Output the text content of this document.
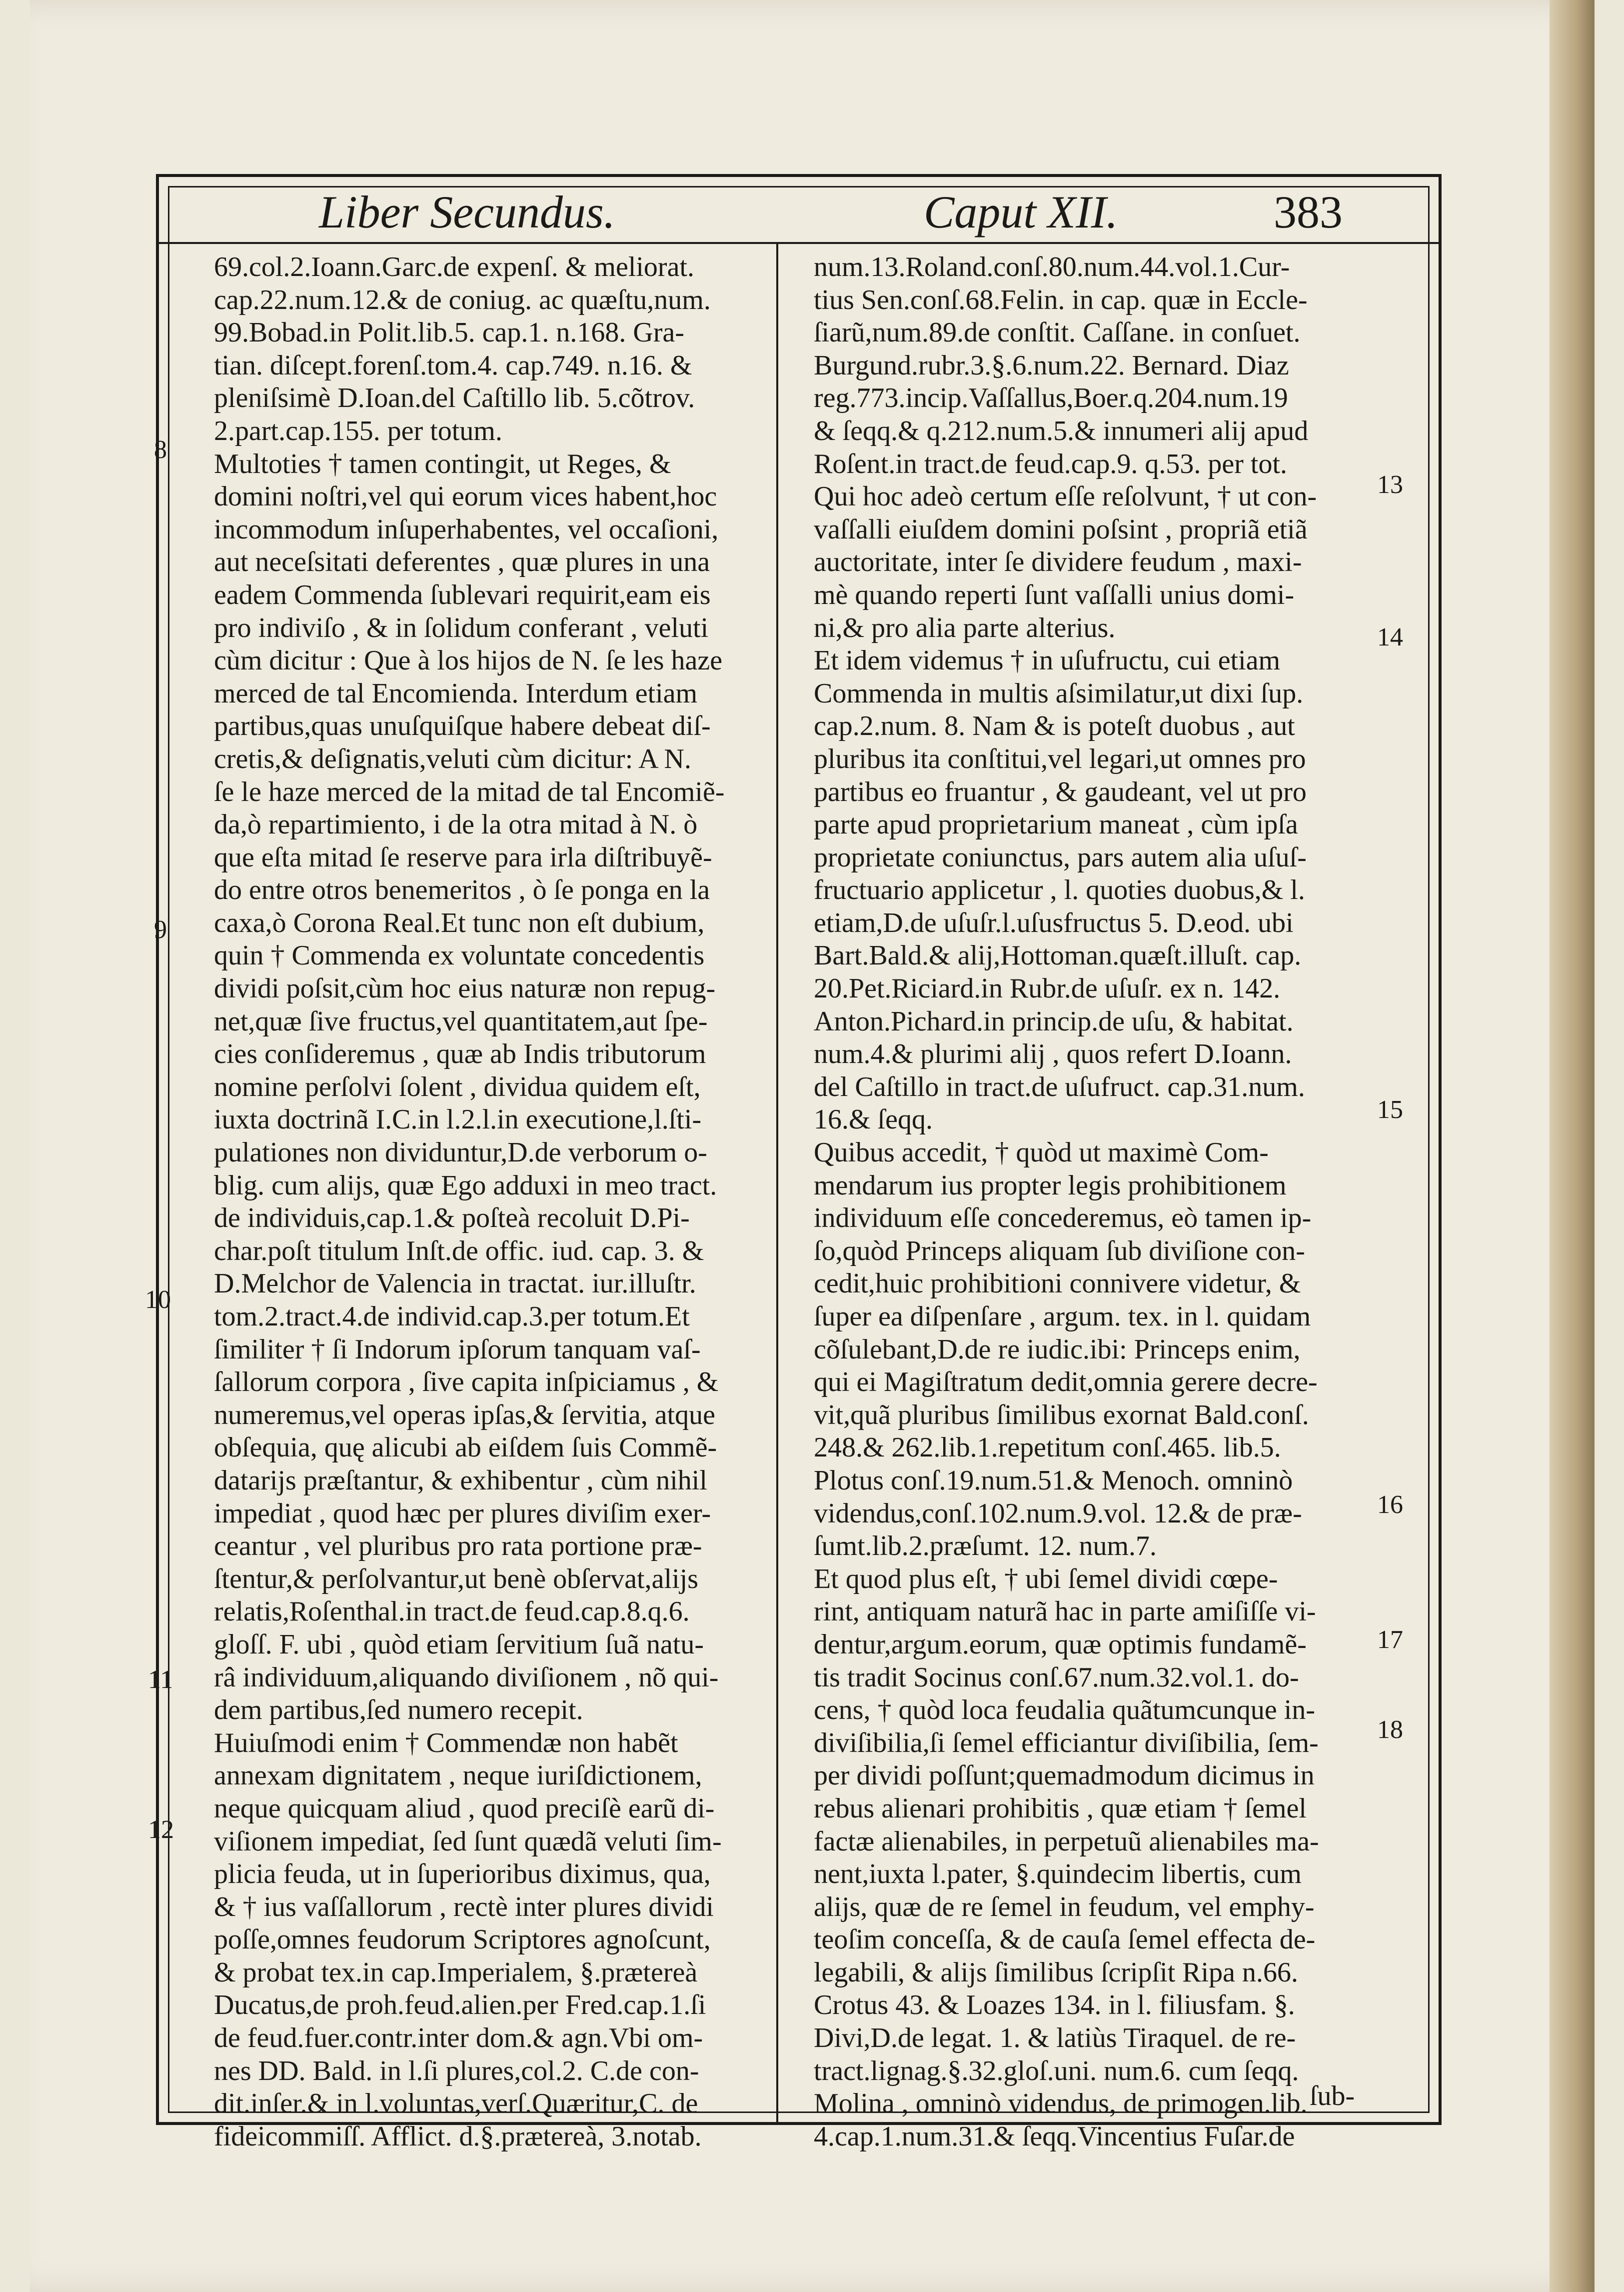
Liber Secundus.	Caput XII.	383
69.col.2.Ioann.Garc.de expenſ. & meliorat.
cap.22.num.12.& de coniug. ac quæſtu,num.
99.Bobad.in Polit.lib.5. cap.1. n.168. Gra-
tian. diſcept.forenſ.tom.4. cap.749. n.16. &
pleniſsimè D.Ioan.del Caſtillo lib. 5.cõtrov.
2.part.cap.155. per totum.
Multoties † tamen contingit, ut Reges, &
domini noſtri,vel qui eorum vices habent,hoc
incommodum inſuperhabentes, vel occaſioni,
aut neceſsitati deferentes , quæ plures in una
eadem Commenda ſublevari requirit,eam eis
pro indiviſo , & in ſolidum conferant , veluti
cùm dicitur : Que à los hijos de N. ſe les haze
merced de tal Encomienda. Interdum etiam
partibus,quas unuſquiſque habere debeat diſ-
cretis,& deſignatis,veluti cùm dicitur: A N.
ſe le haze merced de la mitad de tal Encomiẽ-
da,ò repartimiento, i de la otra mitad à N. ò
que eſta mitad ſe reserve para irla diſtribuyẽ-
do entre otros benemeritos , ò ſe ponga en la
caxa,ò Corona Real.Et tunc non eſt dubium,
quin † Commenda ex voluntate concedentis
dividi poſsit,cùm hoc eius naturæ non repug-
net,quæ ſive fructus,vel quantitatem,aut ſpe-
cies conſideremus , quæ ab Indis tributorum
nomine perſolvi ſolent , dividua quidem eſt,
iuxta doctrinã I.C.in l.2.l.in executione,l.ſti-
pulationes non dividuntur,D.de verborum o-
blig. cum alijs, quæ Ego adduxi in meo tract.
de individuis,cap.1.& poſteà recoluit D.Pi-
char.poſt titulum Inſt.de offic. iud. cap. 3. &
D.Melchor de Valencia in tractat. iur.illuſtr.
tom.2.tract.4.de individ.cap.3.per totum.Et
ſimiliter † ſi Indorum ipſorum tanquam vaſ-
ſallorum corpora , ſive capita inſpiciamus , &
numeremus,vel operas ipſas,& ſervitia, atque
obſequia, quę alicubi ab eiſdem ſuis Commẽ-
datarijs præſtantur, & exhibentur , cùm nihil
impediat , quod hæc per plures diviſim exer-
ceantur , vel pluribus pro rata portione præ-
ſtentur,& perſolvantur,ut benè obſervat,alijs
relatis,Roſenthal.in tract.de feud.cap.8.q.6.
gloſſ. F. ubi , quòd etiam ſervitium ſuã natu-
râ individuum,aliquando diviſionem , nõ qui-
dem partibus,ſed numero recepit.
Huiuſmodi enim † Commendæ non habẽt
annexam dignitatem , neque iuriſdictionem,
neque quicquam aliud , quod preciſè earũ di-
viſionem impediat, ſed ſunt quædã veluti ſim-
plicia feuda, ut in ſuperioribus diximus, qua,
& † ius vaſſallorum , rectè inter plures dividi
poſſe,omnes feudorum Scriptores agnoſcunt,
& probat tex.in cap.Imperialem, §.prætereà
Ducatus,de proh.feud.alien.per Fred.cap.1.ſi
de feud.fuer.contr.inter dom.& agn.Vbi om-
nes DD. Bald. in l.ſi plures,col.2. C.de con-
dit.inſer.& in l.voluntas,verſ.Quæritur,C. de
fideicommiſſ. Afflict. d.§.prætereà, 3.notab.
num.13.Roland.conſ.80.num.44.vol.1.Cur-
tius Sen.conſ.68.Felin. in cap. quæ in Eccle-
ſiarũ,num.89.de conſtit. Caſſane. in conſuet.
Burgund.rubr.3.§.6.num.22. Bernard. Diaz
reg.773.incip.Vaſſallus,Boer.q.204.num.19
& ſeqq.& q.212.num.5.& innumeri alij apud
Roſent.in tract.de feud.cap.9. q.53. per tot.
Qui hoc adeò certum eſſe reſolvunt, † ut con-
vaſſalli eiuſdem domini poſsint , propriã etiã
auctoritate, inter ſe dividere feudum , maxi-
mè quando reperti ſunt vaſſalli unius domi-
ni,& pro alia parte alterius.
Et idem videmus † in uſufructu, cui etiam
Commenda in multis aſsimilatur,ut dixi ſup.
cap.2.num. 8. Nam & is poteſt duobus , aut
pluribus ita conſtitui,vel legari,ut omnes pro
partibus eo fruantur , & gaudeant, vel ut pro
parte apud proprietarium maneat , cùm ipſa
proprietate coniunctus, pars autem alia uſuſ-
fructuario applicetur , l. quoties duobus,& l.
etiam,D.de uſuſr.l.uſusfructus 5. D.eod. ubi
Bart.Bald.& alij,Hottoman.quæſt.illuſt. cap.
20.Pet.Riciard.in Rubr.de uſuſr. ex n. 142.
Anton.Pichard.in princip.de uſu, & habitat.
num.4.& plurimi alij , quos refert D.Ioann.
del Caſtillo in tract.de uſufruct. cap.31.num.
16.& ſeqq.
Quibus accedit, † quòd ut maximè Com-
mendarum ius propter legis prohibitionem
individuum eſſe concederemus, eò tamen ip-
ſo,quòd Princeps aliquam ſub diviſione con-
cedit,huic prohibitioni connivere videtur, &
ſuper ea diſpenſare , argum. tex. in l. quidam
cõſulebant,D.de re iudic.ibi: Princeps enim,
qui ei Magiſtratum dedit,omnia gerere decre-
vit,quã pluribus ſimilibus exornat Bald.conſ.
248.& 262.lib.1.repetitum conſ.465. lib.5.
Plotus conſ.19.num.51.& Menoch. omninò
videndus,conſ.102.num.9.vol. 12.& de præ-
ſumt.lib.2.præſumt. 12. num.7.
Et quod plus eſt, † ubi ſemel dividi cœpe-
rint, antiquam naturã hac in parte amiſiſſe vi-
dentur,argum.eorum, quæ optimis fundamẽ-
tis tradit Socinus conſ.67.num.32.vol.1. do-
cens, † quòd loca feudalia quãtumcunque in-
diviſibilia,ſi ſemel efficiantur diviſibilia, ſem-
per dividi poſſunt;quemadmodum dicimus in
rebus alienari prohibitis , quæ etiam † ſemel
factæ alienabiles, in perpetuũ alienabiles ma-
nent,iuxta l.pater, §.quindecim libertis, cum
alijs, quæ de re ſemel in feudum, vel emphy-
teoſim conceſſa, & de cauſa ſemel effecta de-
legabili, & alijs ſimilibus ſcripſit Ripa n.66.
Crotus 43. & Loazes 134. in l. filiusfam. §.
Divi,D.de legat. 1. & latiùs Tiraquel. de re-
tract.lignag.§.32.gloſ.uni. num.6. cum ſeqq.
Molina , omninò videndus, de primogen.lib.
4.cap.1.num.31.& ſeqq.Vincentius Fuſar.de
8
9
10
11
12
13
14
15
16
17
18
ſub-
